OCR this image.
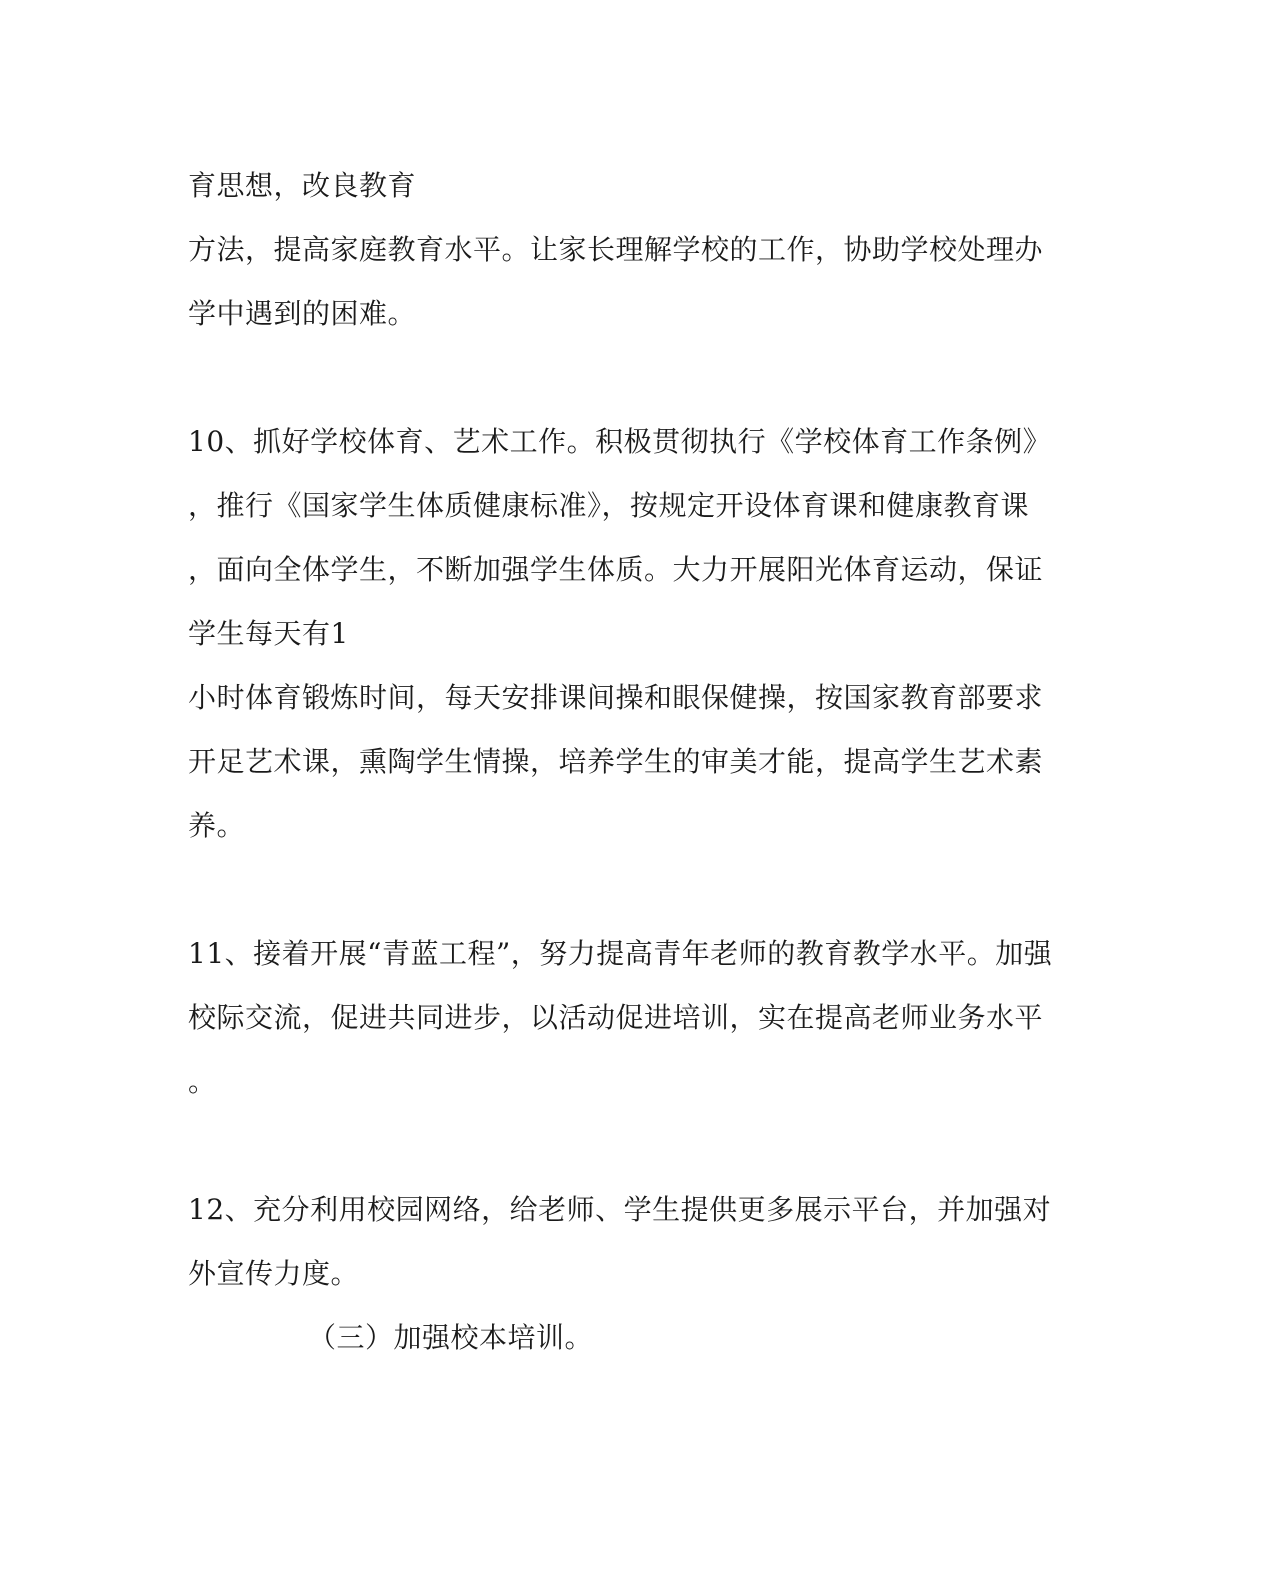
育思想，改良教育
方法，提高家庭教育水平。让家长理解学校的工作，协助学校处理办
学中遇到的困难。
10、抓好学校体育、艺术工作。积极贯彻执行《学校体育工作条例》
，推行《国家学生体质健康标准》，按规定开设体育课和健康教育课
，面向全体学生，不断加强学生体质。大力开展阳光体育运动，保证
学生每天有1
小时体育锻炼时间，每天安排课间操和眼保健操，按国家教育部要求
开足艺术课，熏陶学生情操，培养学生的审美才能，提高学生艺术素
养。
11、接着开展“青蓝工程”，努力提高青年老师的教育教学水平。加强
校际交流，促进共同进步，以活动促进培训，实在提高老师业务水平
。
12、充分利用校园网络，给老师、学生提供更多展示平台，并加强对
外宣传力度。
（三）加强校本培训。
